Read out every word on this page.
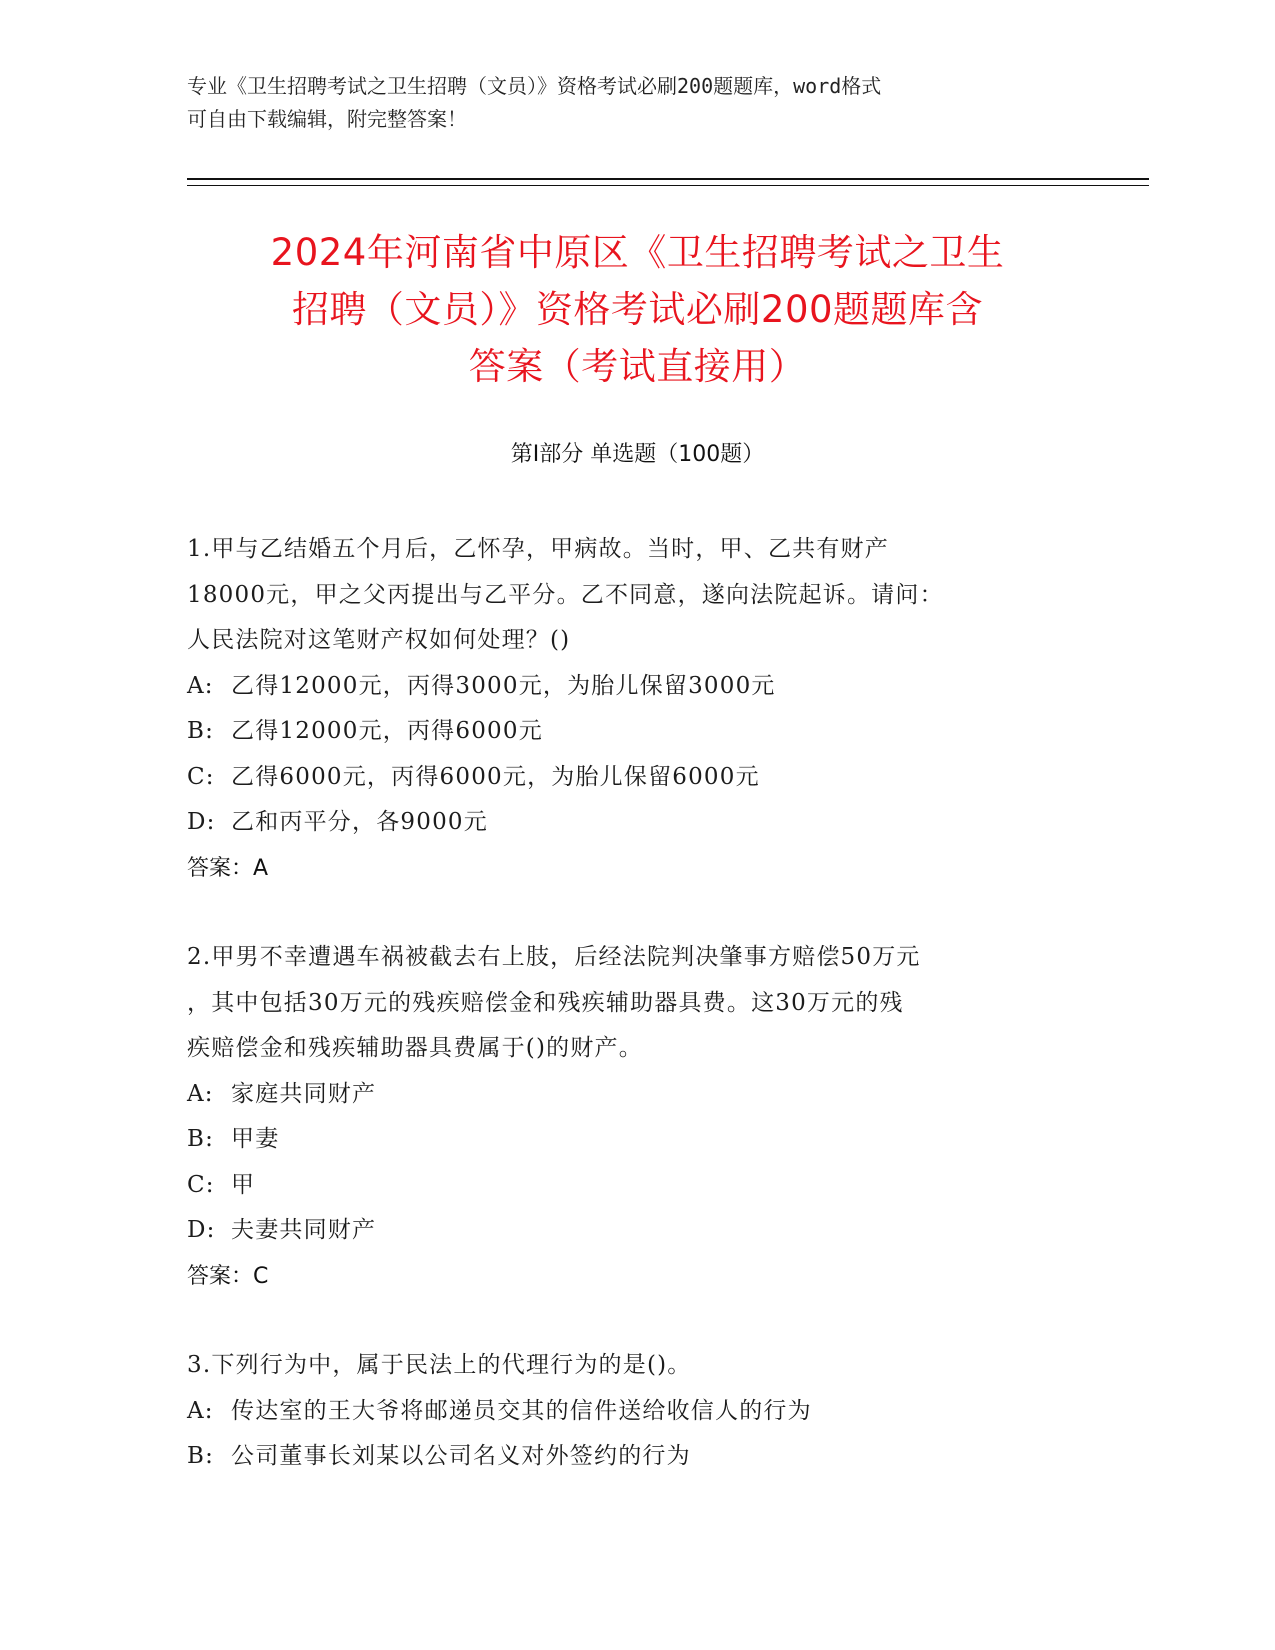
专业《卫生招聘考试之卫生招聘（文员）》资格考试必刷200题题库，word格式
可自由下载编辑，附完整答案！
2024年河南省中原区《卫生招聘考试之卫生
招聘（文员）》资格考试必刷200题题库含
答案（考试直接用）
第Ⅰ部分 单选题（100题）
1.甲与乙结婚五个月后，乙怀孕，甲病故。当时，甲、乙共有财产
18000元，甲之父丙提出与乙平分。乙不同意，遂向法院起诉。请问：
人民法院对这笔财产权如何处理？()
A: 乙得12000元，丙得3000元，为胎儿保留3000元
B: 乙得12000元，丙得6000元
C: 乙得6000元，丙得6000元，为胎儿保留6000元
D: 乙和丙平分，各9000元
答案：A
2.甲男不幸遭遇车祸被截去右上肢，后经法院判决肇事方赔偿50万元
，其中包括30万元的残疾赔偿金和残疾辅助器具费。这30万元的残
疾赔偿金和残疾辅助器具费属于()的财产。
A: 家庭共同财产
B: 甲妻
C: 甲
D: 夫妻共同财产
答案：C
3.下列行为中，属于民法上的代理行为的是()。
A: 传达室的王大爷将邮递员交其的信件送给收信人的行为
B: 公司董事长刘某以公司名义对外签约的行为
